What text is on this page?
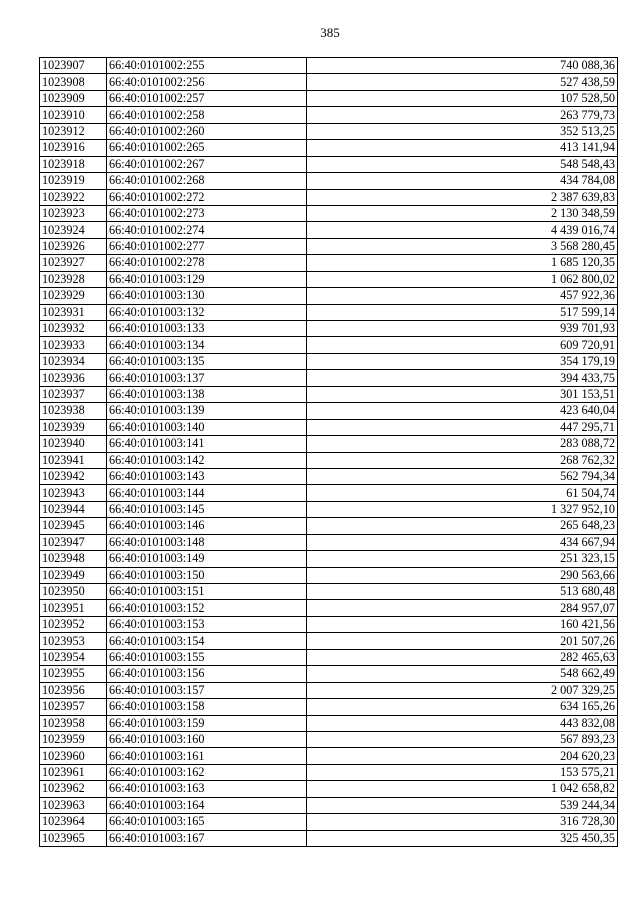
385
1023907	66:40:0101002:255	740 088,36
1023908	66:40:0101002:256	527 438,59
1023909	66:40:0101002:257	107 528,50
1023910	66:40:0101002:258	263 779,73
1023912	66:40:0101002:260	352 513,25
1023916	66:40:0101002:265	413 141,94
1023918	66:40:0101002:267	548 548,43
1023919	66:40:0101002:268	434 784,08
1023922	66:40:0101002:272	2 387 639,83
1023923	66:40:0101002:273	2 130 348,59
1023924	66:40:0101002:274	4 439 016,74
1023926	66:40:0101002:277	3 568 280,45
1023927	66:40:0101002:278	1 685 120,35
1023928	66:40:0101003:129	1 062 800,02
1023929	66:40:0101003:130	457 922,36
1023931	66:40:0101003:132	517 599,14
1023932	66:40:0101003:133	939 701,93
1023933	66:40:0101003:134	609 720,91
1023934	66:40:0101003:135	354 179,19
1023936	66:40:0101003:137	394 433,75
1023937	66:40:0101003:138	301 153,51
1023938	66:40:0101003:139	423 640,04
1023939	66:40:0101003:140	447 295,71
1023940	66:40:0101003:141	283 088,72
1023941	66:40:0101003:142	268 762,32
1023942	66:40:0101003:143	562 794,34
1023943	66:40:0101003:144	61 504,74
1023944	66:40:0101003:145	1 327 952,10
1023945	66:40:0101003:146	265 648,23
1023947	66:40:0101003:148	434 667,94
1023948	66:40:0101003:149	251 323,15
1023949	66:40:0101003:150	290 563,66
1023950	66:40:0101003:151	513 680,48
1023951	66:40:0101003:152	284 957,07
1023952	66:40:0101003:153	160 421,56
1023953	66:40:0101003:154	201 507,26
1023954	66:40:0101003:155	282 465,63
1023955	66:40:0101003:156	548 662,49
1023956	66:40:0101003:157	2 007 329,25
1023957	66:40:0101003:158	634 165,26
1023958	66:40:0101003:159	443 832,08
1023959	66:40:0101003:160	567 893,23
1023960	66:40:0101003:161	204 620,23
1023961	66:40:0101003:162	153 575,21
1023962	66:40:0101003:163	1 042 658,82
1023963	66:40:0101003:164	539 244,34
1023964	66:40:0101003:165	316 728,30
1023965	66:40:0101003:167	325 450,35
